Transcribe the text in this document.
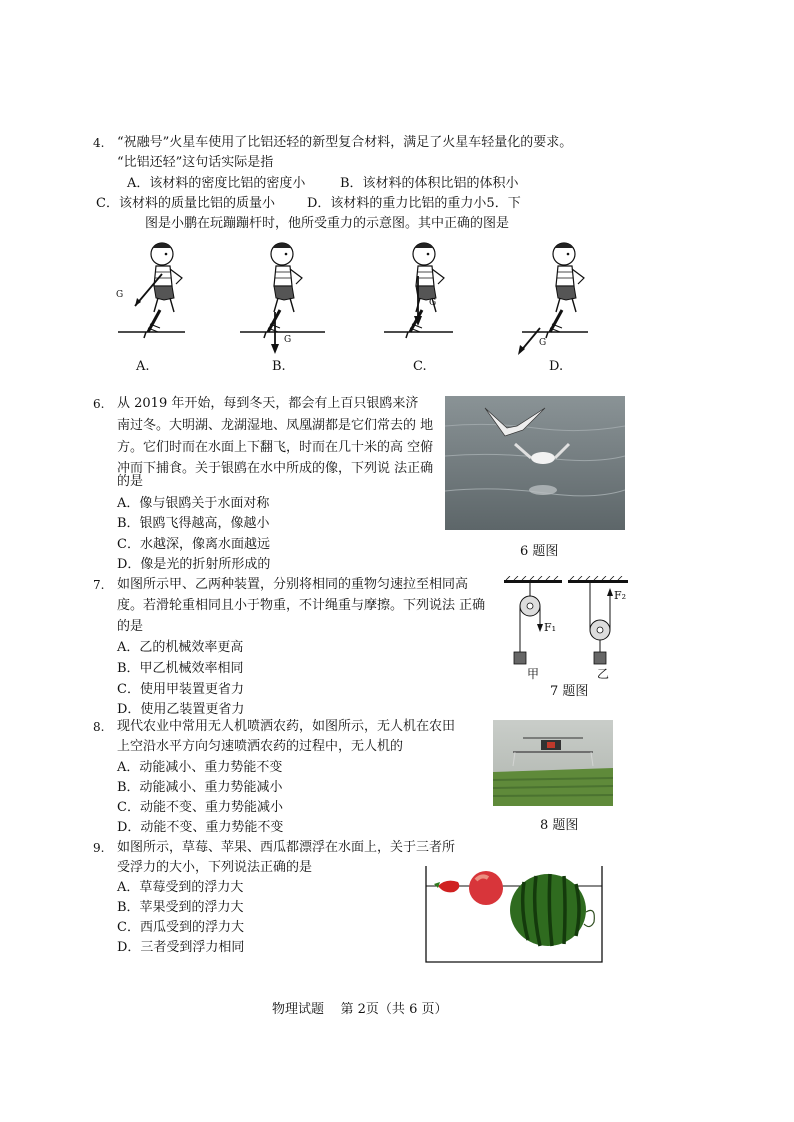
4. “祝融号”火星车使用了比铝还轻的新型复合材料，满足了火星车轻量化的要求。
“比铝还轻”这句话实际是指
A．该材料的密度比铝的密度小	B．该材料的体积比铝的体积小
C．该材料的质量比铝的质量小 D．该材料的重力比铝的重力小5．下
图是小鹏在玩蹦蹦杆时，他所受重力的示意图。其中正确的图是
G
G
G
G
A.	B.	C.	D.
6. 从 2019 年开始，每到冬天，都会有上百只银鸥来济
南过冬。大明湖、龙湖湿地、凤凰湖都是它们常去的 地
方。它们时而在水面上下翻飞，时而在几十米的高 空俯
冲而下捕食。关于银鸥在水中所成的像，下列说 法正确
的是
A．像与银鸥关于水面对称
B．银鸥飞得越高，像越小
C．水越深，像离水面越远
D．像是光的折射所形成的
6 题图
7. 如图所示甲、乙两种装置，分别将相同的重物匀速拉至相同高
度。若滑轮重相同且小于物重，不计绳重与摩擦。下列说法 正确
的是
A．乙的机械效率更高
B．甲乙机械效率相同
C．使用甲装置更省力
D．使用乙装置更省力
F₁
F₂
甲	乙
7 题图
8. 现代农业中常用无人机喷洒农药，如图所示，无人机在农田
上空沿水平方向匀速喷洒农药的过程中，无人机的
A．动能减小、重力势能不变
B．动能减小、重力势能减小
C．动能不变、重力势能减小
D．动能不变、重力势能不变	8 题图
9. 如图所示，草莓、苹果、西瓜都漂浮在水面上，关于三者所
受浮力的大小，下列说法正确的是
A．草莓受到的浮力大
B．苹果受到的浮力大
C．西瓜受到的浮力大
D．三者受到浮力相同
物理试题    第 2页（共 6 页）
